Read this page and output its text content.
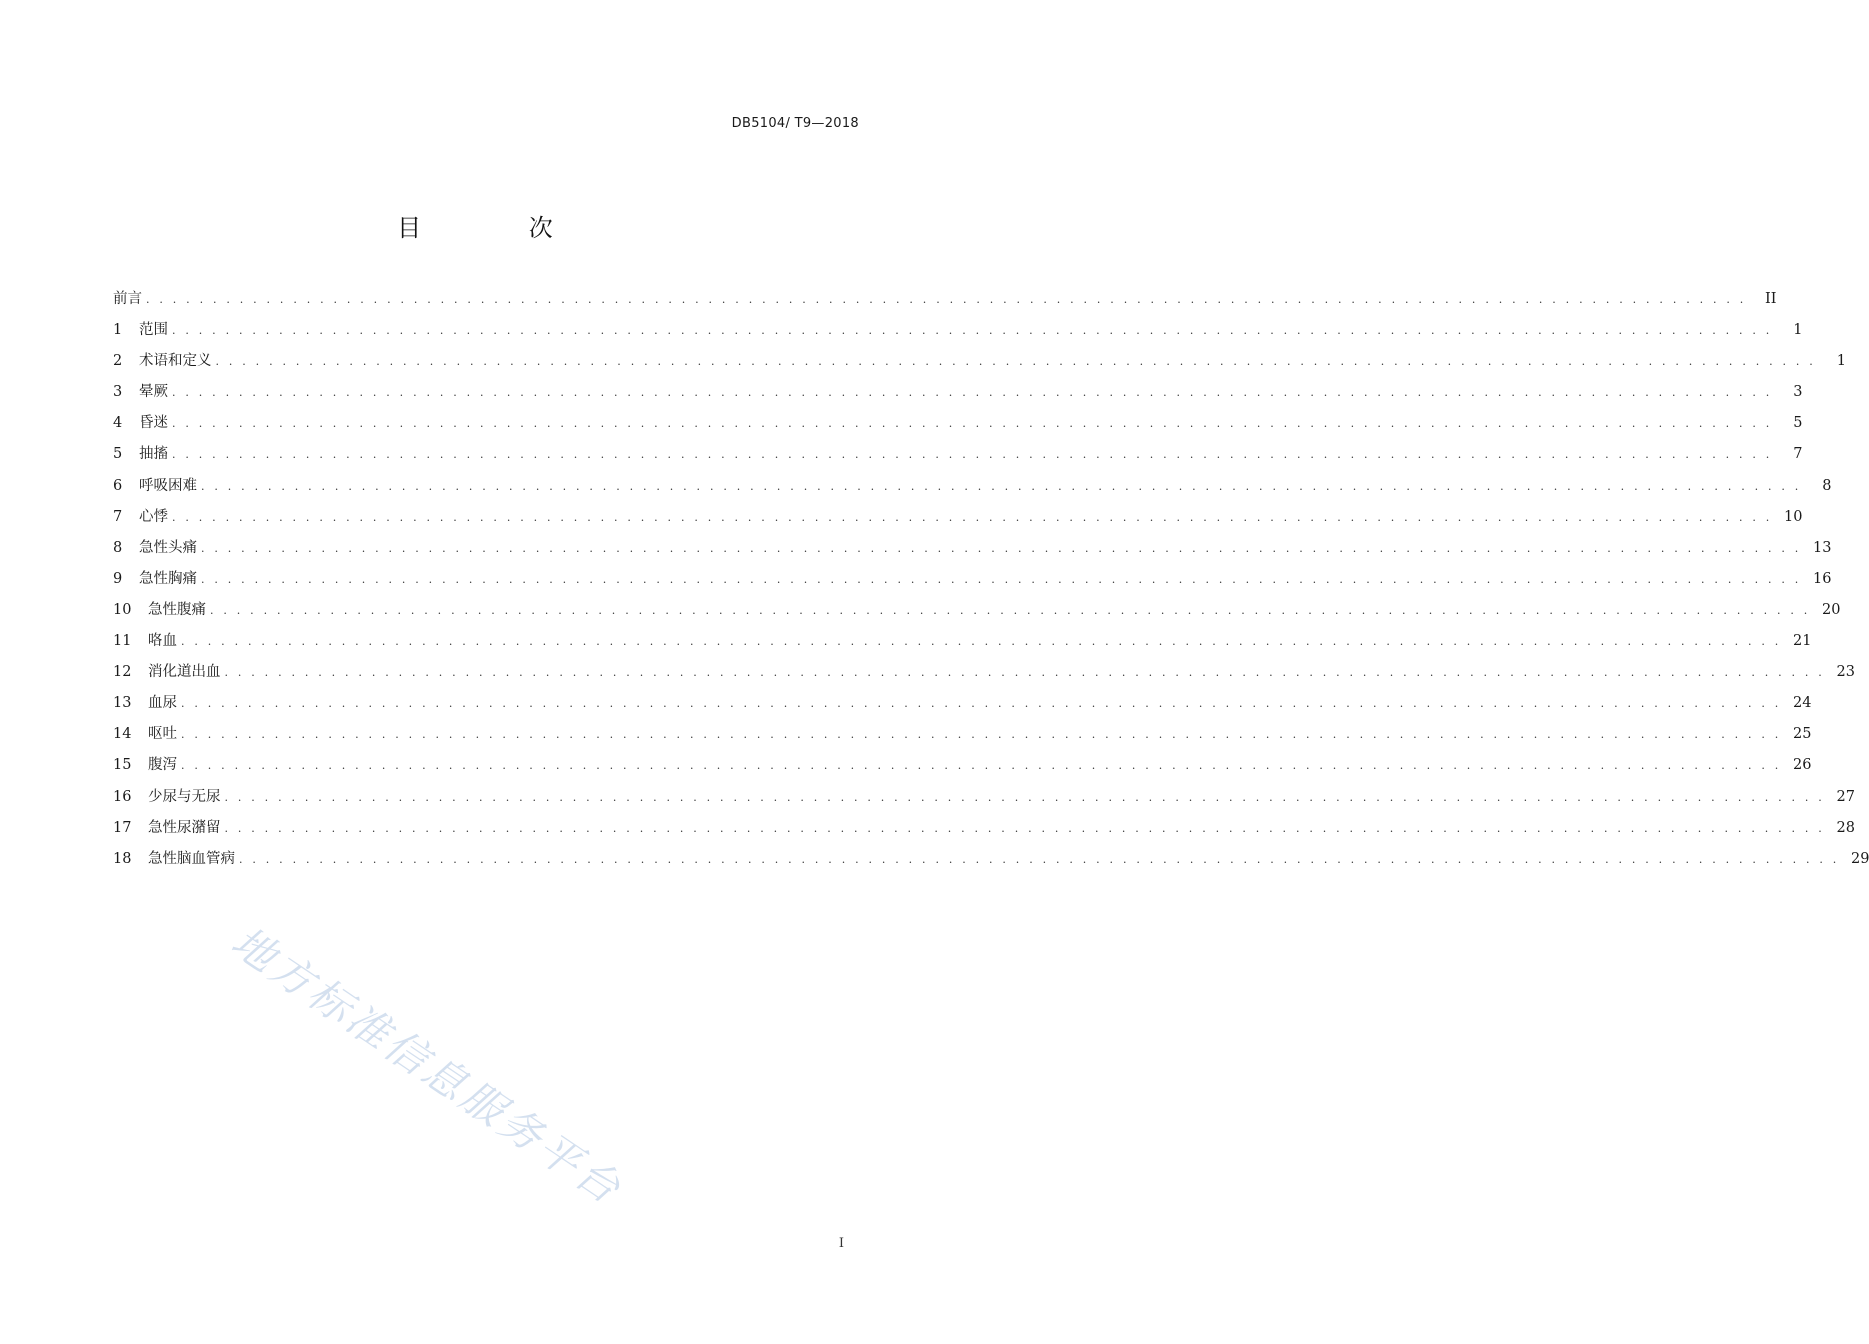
DB5104/ T9—2018
目 次
前言 . . . . . . . . . . . . . . . . . . . . . . . . . . . . . . . . . . . . . . . . . . . . . . . . . . . . . . . . . . . . . . . . . . . . . . . . . . . . . . . . . . . . . . . . . . . . . . . . . . . . . . . . . . . . . . . . . . . . . . . .	II
1	范围 . . . . . . . . . . . . . . . . . . . . . . . . . . . . . . . . . . . . . . . . . . . . . . . . . . . . . . . . . . . . . . . . . . . . . . . . . . . . . . . . . . . . . . . . . . . . . . . . . . . . . . . . . . . . . . . . . . . . . . . .	1
2	术语和定义 . . . . . . . . . . . . . . . . . . . . . . . . . . . . . . . . . . . . . . . . . . . . . . . . . . . . . . . . . . . . . . . . . . . . . . . . . . . . . . . . . . . . . . . . . . . . . . . . . . . . . . . . . . . . . . . . . . . . . . . .	1
3	晕厥 . . . . . . . . . . . . . . . . . . . . . . . . . . . . . . . . . . . . . . . . . . . . . . . . . . . . . . . . . . . . . . . . . . . . . . . . . . . . . . . . . . . . . . . . . . . . . . . . . . . . . . . . . . . . . . . . . . . . . . . .	3
4	昏迷 . . . . . . . . . . . . . . . . . . . . . . . . . . . . . . . . . . . . . . . . . . . . . . . . . . . . . . . . . . . . . . . . . . . . . . . . . . . . . . . . . . . . . . . . . . . . . . . . . . . . . . . . . . . . . . . . . . . . . . . .	5
5	抽搐 . . . . . . . . . . . . . . . . . . . . . . . . . . . . . . . . . . . . . . . . . . . . . . . . . . . . . . . . . . . . . . . . . . . . . . . . . . . . . . . . . . . . . . . . . . . . . . . . . . . . . . . . . . . . . . . . . . . . . . . .	7
6	呼吸困难 . . . . . . . . . . . . . . . . . . . . . . . . . . . . . . . . . . . . . . . . . . . . . . . . . . . . . . . . . . . . . . . . . . . . . . . . . . . . . . . . . . . . . . . . . . . . . . . . . . . . . . . . . . . . . . . . . . . . . . . .	8
7	心悸 . . . . . . . . . . . . . . . . . . . . . . . . . . . . . . . . . . . . . . . . . . . . . . . . . . . . . . . . . . . . . . . . . . . . . . . . . . . . . . . . . . . . . . . . . . . . . . . . . . . . . . . . . . . . . . . . . . . . . . . . 10
8	急性头痛 . . . . . . . . . . . . . . . . . . . . . . . . . . . . . . . . . . . . . . . . . . . . . . . . . . . . . . . . . . . . . . . . . . . . . . . . . . . . . . . . . . . . . . . . . . . . . . . . . . . . . . . . . . . . . . . . . . . . . . . . 13
9	急性胸痛 . . . . . . . . . . . . . . . . . . . . . . . . . . . . . . . . . . . . . . . . . . . . . . . . . . . . . . . . . . . . . . . . . . . . . . . . . . . . . . . . . . . . . . . . . . . . . . . . . . . . . . . . . . . . . . . . . . . . . . . . 16
10	急性腹痛 . . . . . . . . . . . . . . . . . . . . . . . . . . . . . . . . . . . . . . . . . . . . . . . . . . . . . . . . . . . . . . . . . . . . . . . . . . . . . . . . . . . . . . . . . . . . . . . . . . . . . . . . . . . . . . . . . . . . . . . . 20
11	咯血 . . . . . . . . . . . . . . . . . . . . . . . . . . . . . . . . . . . . . . . . . . . . . . . . . . . . . . . . . . . . . . . . . . . . . . . . . . . . . . . . . . . . . . . . . . . . . . . . . . . . . . . . . . . . . . . . . . . . . . . . 21
12	消化道出血 . . . . . . . . . . . . . . . . . . . . . . . . . . . . . . . . . . . . . . . . . . . . . . . . . . . . . . . . . . . . . . . . . . . . . . . . . . . . . . . . . . . . . . . . . . . . . . . . . . . . . . . . . . . . . . . . . . . . . . . . 23
13	血尿 . . . . . . . . . . . . . . . . . . . . . . . . . . . . . . . . . . . . . . . . . . . . . . . . . . . . . . . . . . . . . . . . . . . . . . . . . . . . . . . . . . . . . . . . . . . . . . . . . . . . . . . . . . . . . . . . . . . . . . . . 24
14	呕吐 . . . . . . . . . . . . . . . . . . . . . . . . . . . . . . . . . . . . . . . . . . . . . . . . . . . . . . . . . . . . . . . . . . . . . . . . . . . . . . . . . . . . . . . . . . . . . . . . . . . . . . . . . . . . . . . . . . . . . . . . 25
15	腹泻 . . . . . . . . . . . . . . . . . . . . . . . . . . . . . . . . . . . . . . . . . . . . . . . . . . . . . . . . . . . . . . . . . . . . . . . . . . . . . . . . . . . . . . . . . . . . . . . . . . . . . . . . . . . . . . . . . . . . . . . . 26
16	少尿与无尿 . . . . . . . . . . . . . . . . . . . . . . . . . . . . . . . . . . . . . . . . . . . . . . . . . . . . . . . . . . . . . . . . . . . . . . . . . . . . . . . . . . . . . . . . . . . . . . . . . . . . . . . . . . . . . . . . . . . . . . . . 27
17	急性尿潴留 . . . . . . . . . . . . . . . . . . . . . . . . . . . . . . . . . . . . . . . . . . . . . . . . . . . . . . . . . . . . . . . . . . . . . . . . . . . . . . . . . . . . . . . . . . . . . . . . . . . . . . . . . . . . . . . . . . . . . . . . 28
18	急性脑血管病 . . . . . . . . . . . . . . . . . . . . . . . . . . . . . . . . . . . . . . . . . . . . . . . . . . . . . . . . . . . . . . . . . . . . . . . . . . . . . . . . . . . . . . . . . . . . . . . . . . . . . . . . . . . . . . . . . . . . . . . . 29
I
地方标准信息服务平台
